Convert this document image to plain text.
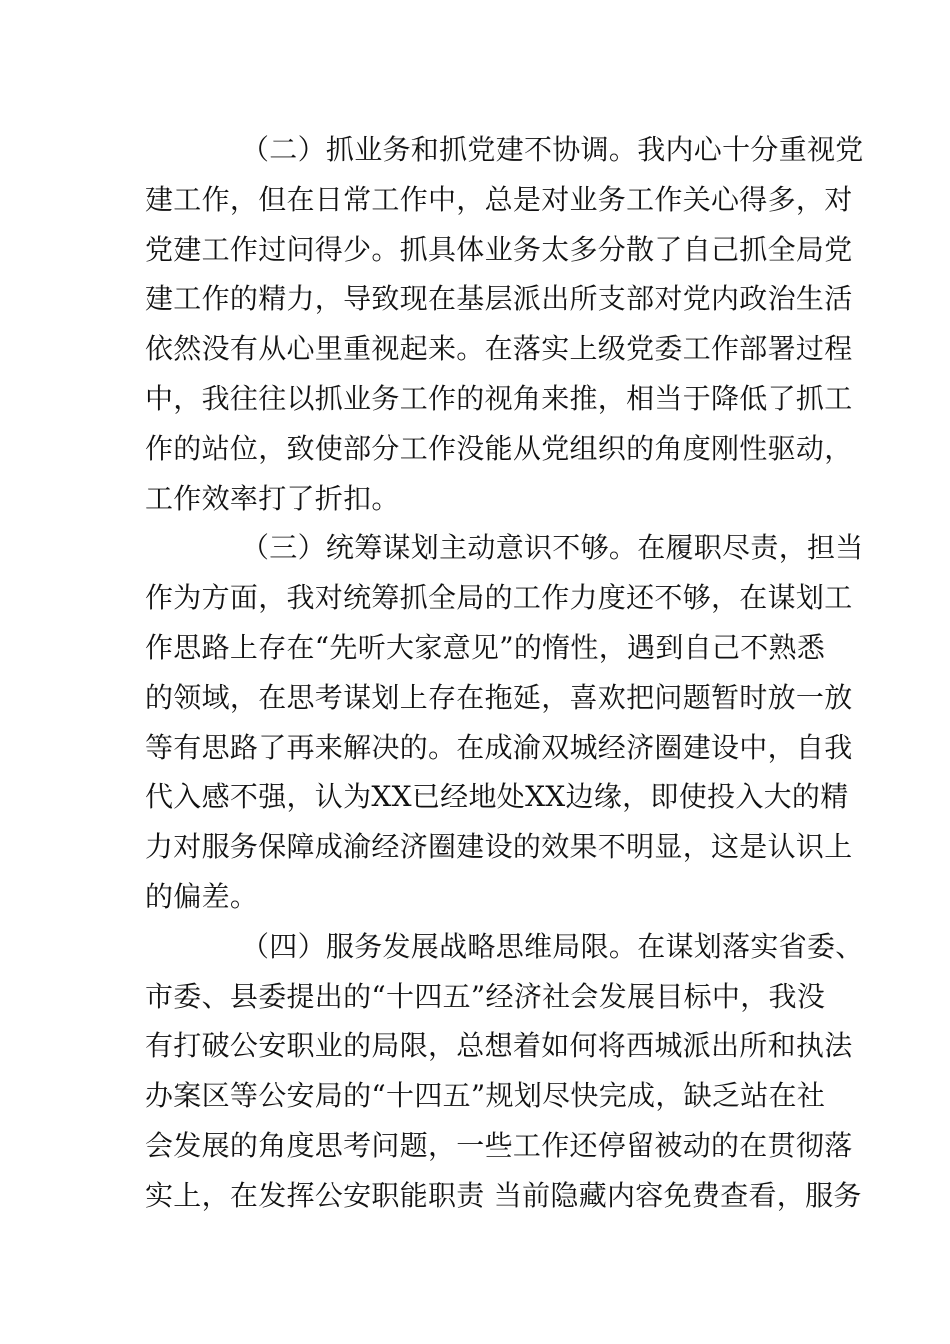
（二）抓业务和抓党建不协调。我内心十分重视党
建工作，但在日常工作中，总是对业务工作关心得多，对
党建工作过问得少。抓具体业务太多分散了自己抓全局党
建工作的精力，导致现在基层派出所支部对党内政治生活
依然没有从心里重视起来。在落实上级党委工作部署过程
中，我往往以抓业务工作的视角来推，相当于降低了抓工
作的站位，致使部分工作没能从党组织的角度刚性驱动，
工作效率打了折扣。
（三）统筹谋划主动意识不够。在履职尽责，担当
作为方面，我对统筹抓全局的工作力度还不够，在谋划工
作思路上存在“先听大家意见”的惰性，遇到自己不熟悉
的领域，在思考谋划上存在拖延，喜欢把问题暂时放一放
等有思路了再来解决的。在成渝双城经济圈建设中，自我
代入感不强，认为XX已经地处XX边缘，即使投入大的精
力对服务保障成渝经济圈建设的效果不明显，这是认识上
的偏差。
（四）服务发展战略思维局限。在谋划落实省委、
市委、县委提出的“十四五”经济社会发展目标中，我没
有打破公安职业的局限，总想着如何将西城派出所和执法
办案区等公安局的“十四五”规划尽快完成，缺乏站在社
会发展的角度思考问题，一些工作还停留被动的在贯彻落
实上，在发挥公安职能职责 当前隐藏内容免费查看，服务
